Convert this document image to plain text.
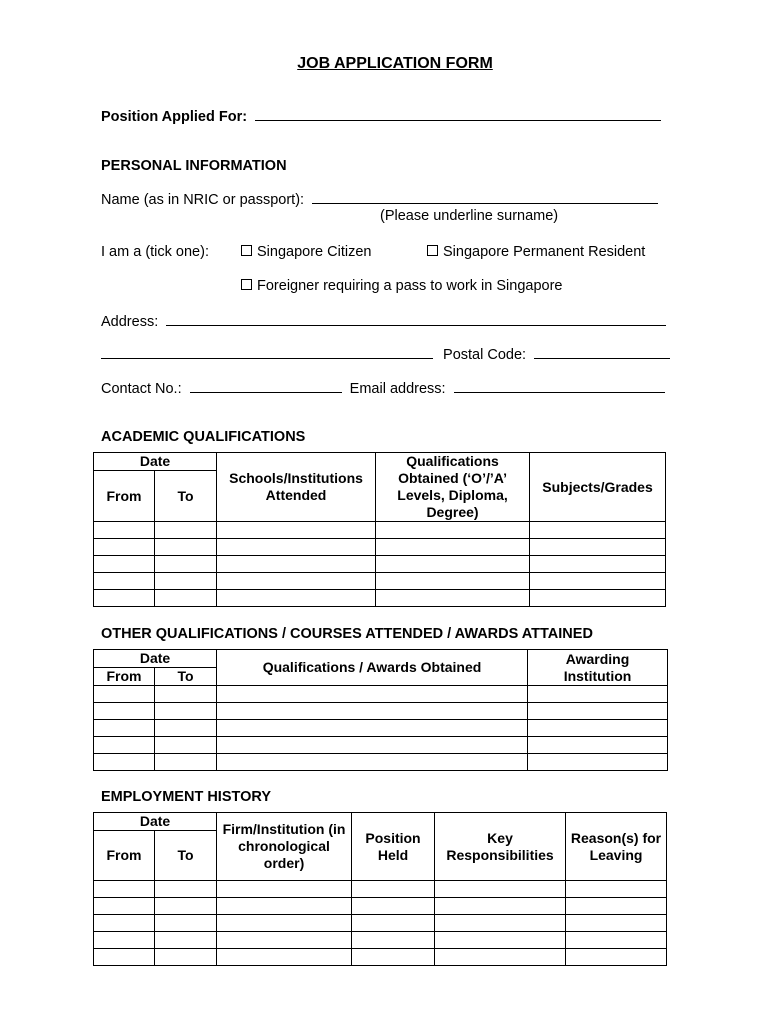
JOB APPLICATION FORM
Position Applied For:
PERSONAL INFORMATION
Name (as in NRIC or passport):
(Please underline surname)
I am a (tick one):	Singapore Citizen	Singapore Permanent Resident
Foreigner requiring a pass to work in Singapore
Address:
Postal Code:
Contact No.:	Email address:
ACADEMIC QUALIFICATIONS
Date		Schools/Institutions Attended	Qualifications Obtained (‘O’/’A’ Levels, Diploma, Degree)	Subjects/Grades
From	To			

OTHER QUALIFICATIONS / COURSES ATTENDED / AWARDS ATTAINED
Date		Qualifications / Awards Obtained	Awarding Institution
From	To		

EMPLOYMENT HISTORY
Date		Firm/Institution (in chronological order)	Position Held	Key Responsibilities	Reason(s) for Leaving
From	To				
